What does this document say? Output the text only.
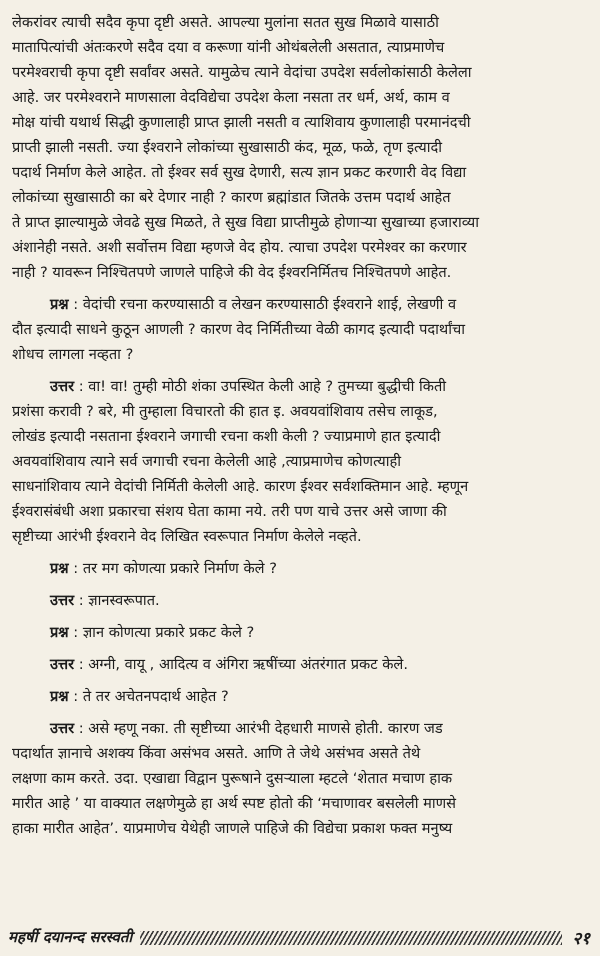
लेकरांवर त्याची सदैव कृपा दृष्टी असते. आपल्या मुलांना सतत सुख मिळावे यासाठी
मातापित्यांची अंतःकरणे सदैव दया व करूणा यांनी ओथंबलेली असतात, त्याप्रमाणेच
परमेश्वराची कृपा दृष्टी सर्वांवर असते. यामुळेच त्याने वेदांचा उपदेश सर्वलोकांसाठी केलेला
आहे. जर परमेश्वराने माणसाला वेदविद्येचा उपदेश केला नसता तर धर्म, अर्थ, काम व
मोक्ष यांची यथार्थ सिद्धी कुणालाही प्राप्त झाली नसती व त्याशिवाय कुणालाही परमानंदची
प्राप्ती झाली नसती. ज्या ईश्वराने लोकांच्या सुखासाठी कंद, मूळ, फळे, तृण इत्यादी
पदार्थ निर्माण केले आहेत. तो ईश्वर सर्व सुख देणारी, सत्य ज्ञान प्रकट करणारी वेद विद्या
लोकांच्या सुखासाठी का बरे देणार नाही ? कारण ब्रह्मांडात जितके उत्तम पदार्थ आहेत
ते प्राप्त झाल्यामुळे जेवढे सुख मिळते, ते सुख विद्या प्राप्तीमुळे होणाऱ्या सुखाच्या हजाराव्या
अंशानेही नसते. अशी सर्वोत्तम विद्या म्हणजे वेद होय. त्याचा उपदेश परमेश्वर का करणार
नाही ? यावरून निश्चितपणे जाणले पाहिजे की वेद ईश्वरनिर्मितच निश्चितपणे आहेत.

प्रश्न : वेदांची रचना करण्यासाठी व लेखन करण्यासाठी ईश्वराने शाई, लेखणी व
दौत इत्यादी साधने कुठून आणली ? कारण वेद निर्मितीच्या वेळी कागद इत्यादी पदार्थांचा
शोधच लागला नव्हता ?

उत्तर : वा! वा! तुम्ही मोठी शंका उपस्थित केली आहे ? तुमच्या बुद्धीची किती
प्रशंसा करावी ? बरे, मी तुम्हाला विचारतो की हात इ. अवयवांशिवाय तसेच लाकूड,
लोखंड इत्यादी नसताना ईश्वराने जगाची रचना कशी केली ? ज्याप्रमाणे हात इत्यादी
अवयवांशिवाय त्याने सर्व जगाची रचना केलेली आहे ,त्याप्रमाणेच कोणत्याही
साधनांशिवाय त्याने वेदांची निर्मिती केलेली आहे. कारण ईश्वर सर्वशक्तिमान आहे. म्हणून
ईश्वरासंबंधी अशा प्रकारचा संशय घेता कामा नये. तरी पण याचे उत्तर असे जाणा की
सृष्टीच्या आरंभी ईश्वराने वेद लिखित स्वरूपात निर्माण केलेले नव्हते.

प्रश्न : तर मग कोणत्या प्रकारे निर्माण केले ?

उत्तर : ज्ञानस्वरूपात.

प्रश्न : ज्ञान कोणत्या प्रकारे प्रकट केले ?

उत्तर : अग्नी, वायू , आदित्य व अंगिरा ऋषींच्या अंतरंगात प्रकट केले.

प्रश्न : ते तर अचेतनपदार्थ आहेत ?

उत्तर : असे म्हणू नका. ती सृष्टीच्या आरंभी देहधारी माणसे होती. कारण जड
पदार्थात ज्ञानाचे अशक्य किंवा असंभव असते. आणि ते जेथे असंभव असते तेथे
लक्षणा काम करते. उदा. एखाद्या विद्वान पुरूषाने दुसऱ्याला म्हटले ‘शेतात मचाण हाक
मारीत आहे ’ या वाक्यात लक्षणेमुळे हा अर्थ स्पष्ट होतो की ‘मचाणावर बसलेली माणसे
हाका मारीत आहेत’. याप्रमाणेच येथेही जाणले पाहिजे की विद्येचा प्रकाश फक्त मनुष्य

महर्षी दयानन्द सरस्वती	२१
